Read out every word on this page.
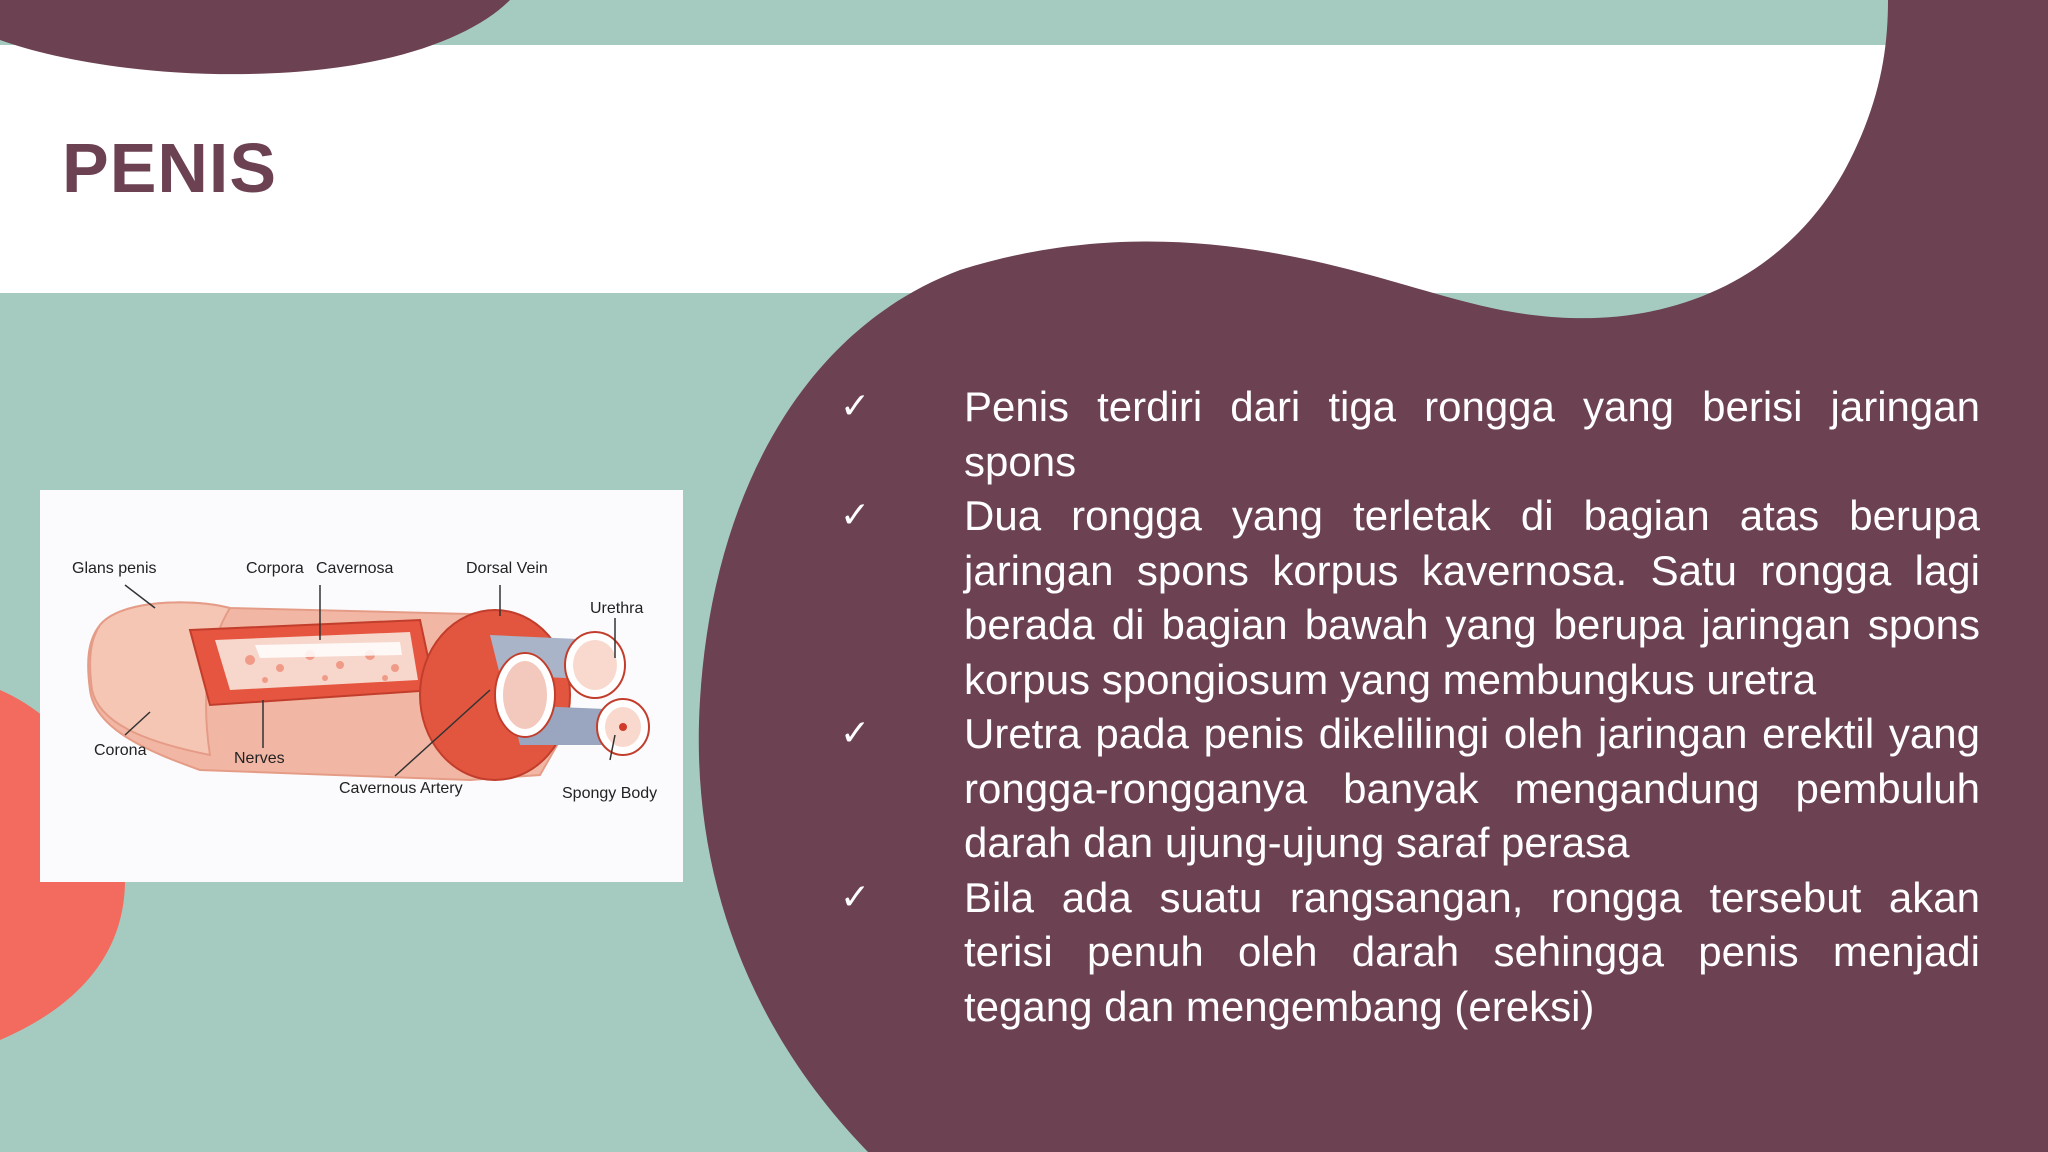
PENIS
Glans penis	Corpora Cavernosa	Dorsal Vein
Urethra
Corona	Nerves
Cavernous Artery	Spongy Body
✓	Penis terdiri dari tiga rongga yang berisi jaringan spons
✓	Dua rongga yang terletak di bagian atas berupa jaringan spons korpus kavernosa. Satu rongga lagi berada di bagian bawah yang berupa jaringan spons korpus spongiosum yang membungkus uretra
✓	Uretra pada penis dikelilingi oleh jaringan erektil yang rongga-rongganya banyak mengandung pembuluh darah dan ujung-ujung saraf perasa
✓	Bila ada suatu rangsangan, rongga tersebut akan terisi penuh oleh darah sehingga penis menjadi tegang dan mengembang (ereksi)
